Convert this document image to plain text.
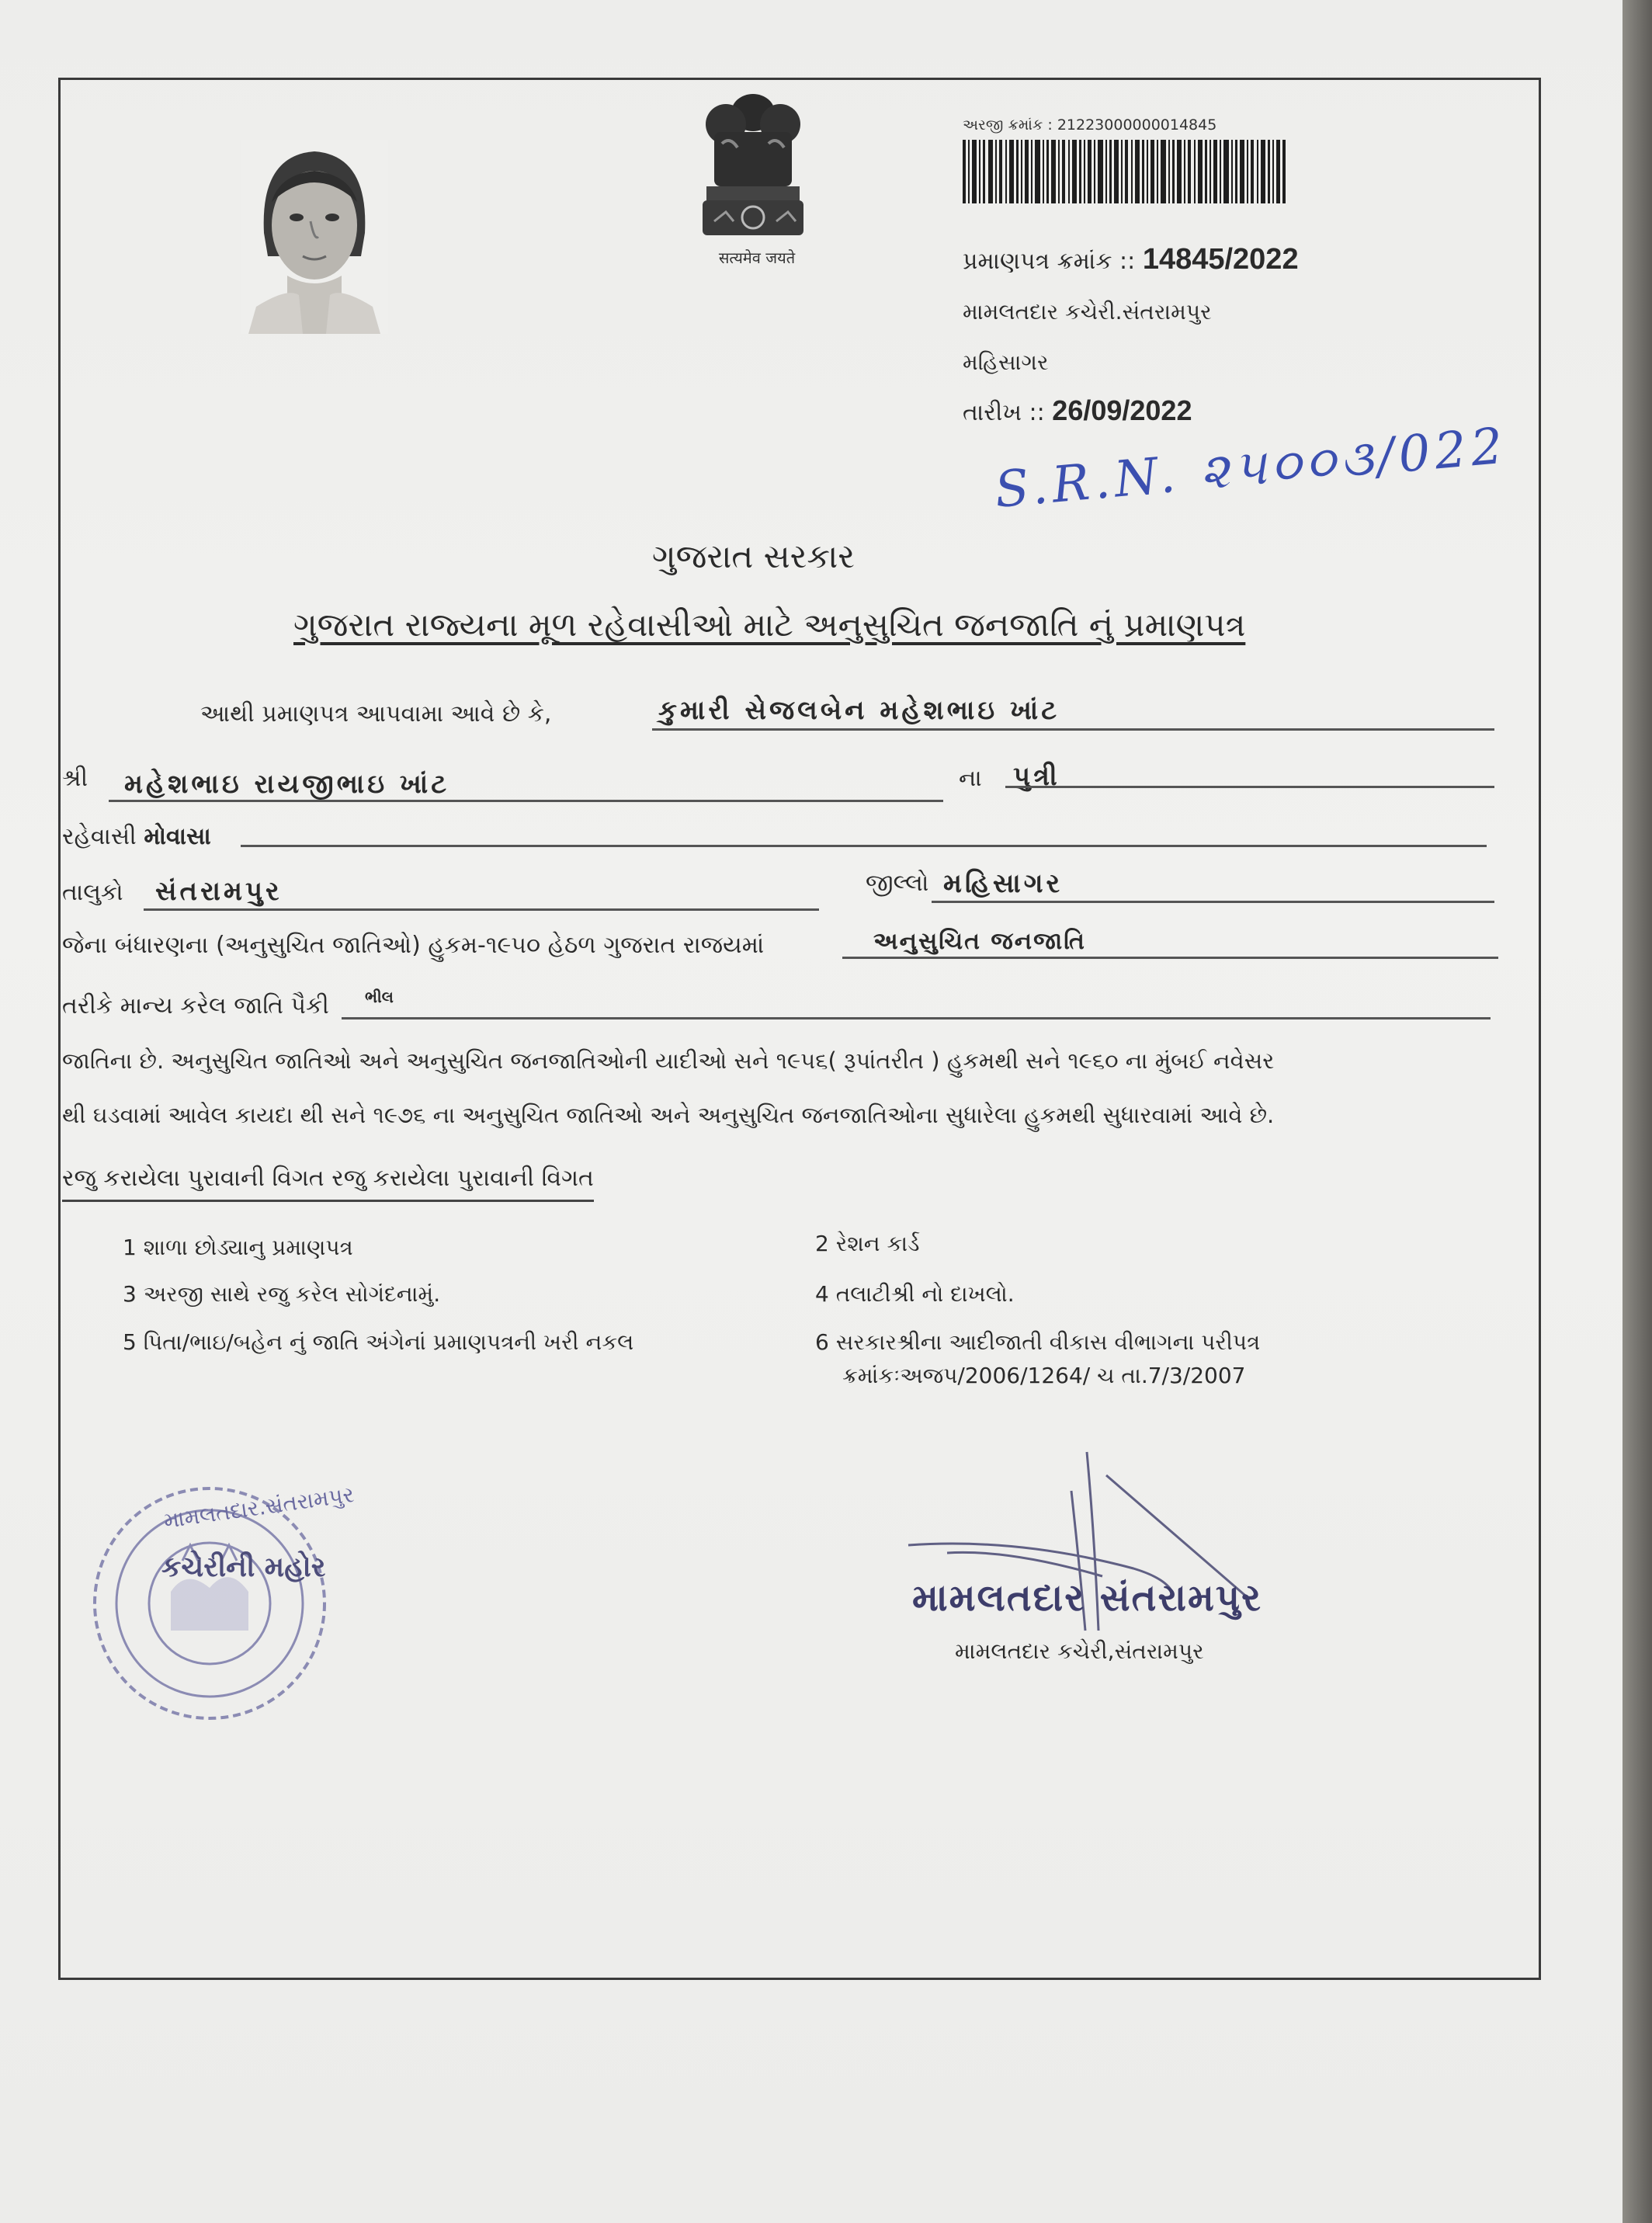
सत्यमेव जयते
અરજી ક્રમાંક : 21223000000014845
પ્રમાણપત્ર ક્રમાંક :: 14845/2022
મામલતદાર કચેરી.સંતરામપુર
મહિસાગર
તારીખ :: 26/09/2022
S.R.N. ૨૫૦૦૩/022
ગુજરાત સરકાર
ગુજરાત રાજ્યના મૂળ રહેવાસીઓ માટે અનુસુચિત જનજાતિ નું પ્રમાણપત્ર
આથી પ્રમાણપત્ર આપવામા આવે છે કે,	કુમારી સેજલબેન મહેશભાઇ ખાંટ
શ્રી મહેશભાઇ રાયજીભાઇ ખાંટ	ના પુત્રી
રહેવાસી મોવાસા
તાલુકો સંતરામપુર	જીલ્લો મહિસાગર
જેના બંધારણના (અનુસુચિત જાતિઓ) હુકમ-૧૯૫૦ હેઠળ ગુજરાત રાજયમાં	અનુસુચિત જનજાતિ
તરીકે માન્ય કરેલ જાતિ પૈકી ભીલ
જાતિના છે. અનુસુચિત જાતિઓ અને અનુસુચિત જનજાતિઓની યાદીઓ સને ૧૯૫૬( રૂપાંતરીત ) હુકમથી સને ૧૯૬૦ ના મુંબઈ નવેસર
થી ઘડવામાં આવેલ કાયદા થી સને ૧૯૭૬ ના અનુસુચિત જાતિઓ અને અનુસુચિત જનજાતિઓના સુધારેલા હુકમથી સુધારવામાં આવે છે.
રજુ કરાયેલા પુરાવાની વિગત રજુ કરાયેલા પુરાવાની વિગત
1 શાળા છોડ્યાનુ પ્રમાણપત્ર	2 રેશન કાર્ડ
3 અરજી સાથે રજુ કરેલ સોગંદનામું.	4 તલાટીશ્રી નો દાખલો.
5 પિતા/ભાઇ/બહેન નું જાતિ અંગેનાં પ્રમાણપત્રની ખરી નકલ	6 સરકારશ્રીના આદીજાતી વીકાસ વીભાગના પરીપત્ર
ક્રમાંકઃઅજપ/2006/1264/ ચ તા.7/3/2007
મામલતદાર.સંતરામપુર
કચેરીની મહોર
મામલતદાર સંતરામપુર
મામલતદાર કચેરી,સંતરામપુર
